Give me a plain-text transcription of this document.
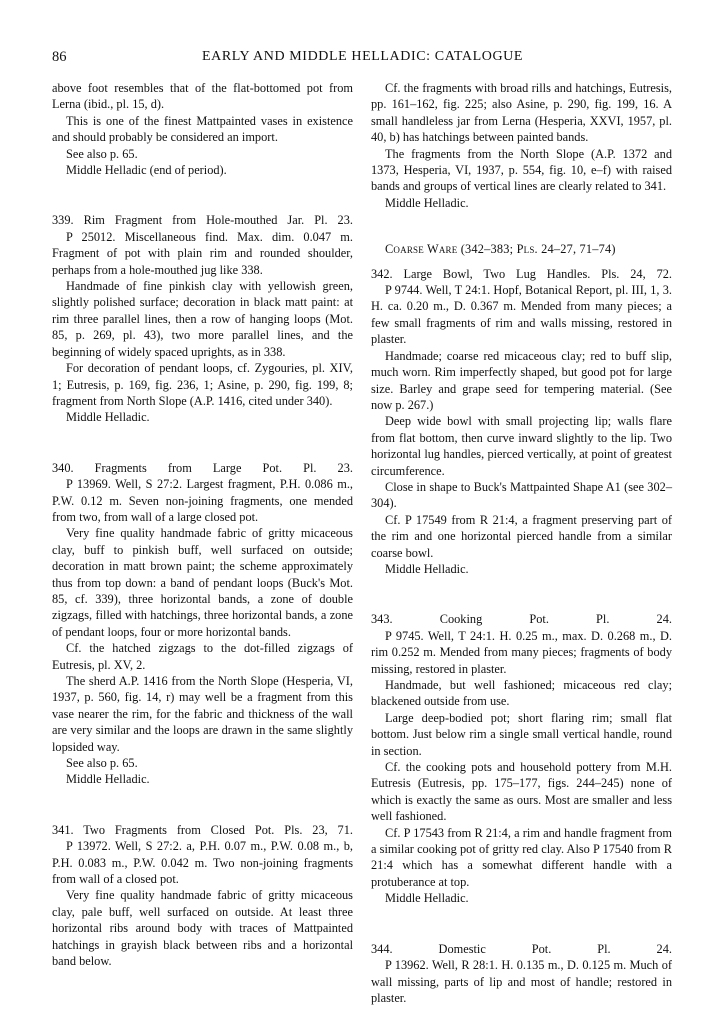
86	EARLY AND MIDDLE HELLADIC: CATALOGUE

above foot resembles that of the flat-bottomed pot from Lerna (ibid., pl. 15, d).

This is one of the finest Mattpainted vases in existence and should probably be considered an import.

See also p. 65.

Middle Helladic (end of period).

339. Rim Fragment from Hole-mouthed Jar. Pl. 23.

P 25012. Miscellaneous find. Max. dim. 0.047 m. Fragment of pot with plain rim and rounded shoulder, perhaps from a hole-mouthed jug like 338.

Handmade of fine pinkish clay with yellowish green, slightly polished surface; decoration in black matt paint: at rim three parallel lines, then a row of hanging loops (Mot. 85, p. 269, pl. 43), two more parallel lines, and the beginning of widely spaced uprights, as in 338.

For decoration of pendant loops, cf. Zygouries, pl. XIV, 1; Eutresis, p. 169, fig. 236, 1; Asine, p. 290, fig. 199, 8; fragment from North Slope (A.P. 1416, cited under 340).

Middle Helladic.

340. Fragments from Large Pot. Pl. 23.

P 13969. Well, S 27:2. Largest fragment, P.H. 0.086 m., P.W. 0.12 m. Seven non-joining fragments, one mended from two, from wall of a large closed pot.

Very fine quality handmade fabric of gritty micaceous clay, buff to pinkish buff, well surfaced on outside; decoration in matt brown paint; the scheme approximately thus from top down: a band of pendant loops (Buck's Mot. 85, cf. 339), three horizontal bands, a zone of double zigzags, filled with hatchings, three horizontal bands, a zone of pendant loops, four or more horizontal bands.

Cf. the hatched zigzags to the dot-filled zigzags of Eutresis, pl. XV, 2.

The sherd A.P. 1416 from the North Slope (Hesperia, VI, 1937, p. 560, fig. 14, r) may well be a fragment from this vase nearer the rim, for the fabric and thickness of the wall are very similar and the loops are drawn in the same slightly lopsided way.

See also p. 65.

Middle Helladic.

341. Two Fragments from Closed Pot. Pls. 23, 71.

P 13972. Well, S 27:2. a, P.H. 0.07 m., P.W. 0.08 m., b, P.H. 0.083 m., P.W. 0.042 m. Two non-joining fragments from wall of a closed pot.

Very fine quality handmade fabric of gritty micaceous clay, pale buff, well surfaced on outside. At least three horizontal ribs around body with traces of Mattpainted hatchings in grayish black between ribs and a horizontal band below.

Cf. the fragments with broad rills and hatchings, Eutresis, pp. 161–162, fig. 225; also Asine, p. 290, fig. 199, 16. A small handleless jar from Lerna (Hesperia, XXVI, 1957, pl. 40, b) has hatchings between painted bands.

The fragments from the North Slope (A.P. 1372 and 1373, Hesperia, VI, 1937, p. 554, fig. 10, e–f) with raised bands and groups of vertical lines are clearly related to 341.

Middle Helladic.

Coarse Ware (342–383; Pls. 24–27, 71–74)

342. Large Bowl, Two Lug Handles. Pls. 24, 72.

P 9744. Well, T 24:1. Hopf, Botanical Report, pl. III, 1, 3. H. ca. 0.20 m., D. 0.367 m. Mended from many pieces; a few small fragments of rim and walls missing, restored in plaster.

Handmade; coarse red micaceous clay; red to buff slip, much worn. Rim imperfectly shaped, but good pot for large size. Barley and grape seed for tempering material. (See now p. 267.)

Deep wide bowl with small projecting lip; walls flare from flat bottom, then curve inward slightly to the lip. Two horizontal lug handles, pierced vertically, at point of greatest circumference.

Close in shape to Buck's Mattpainted Shape A1 (see 302–304).

Cf. P 17549 from R 21:4, a fragment preserving part of the rim and one horizontal pierced handle from a similar coarse bowl.

Middle Helladic.

343. Cooking Pot. Pl. 24.

P 9745. Well, T 24:1. H. 0.25 m., max. D. 0.268 m., D. rim 0.252 m. Mended from many pieces; fragments of body missing, restored in plaster.

Handmade, but well fashioned; micaceous red clay; blackened outside from use.

Large deep-bodied pot; short flaring rim; small flat bottom. Just below rim a single small vertical handle, round in section.

Cf. the cooking pots and household pottery from M.H. Eutresis (Eutresis, pp. 175–177, figs. 244–245) none of which is exactly the same as ours. Most are smaller and less well fashioned.

Cf. P 17543 from R 21:4, a rim and handle fragment from a similar cooking pot of gritty red clay. Also P 17540 from R 21:4 which has a somewhat different handle with a protuberance at top.

Middle Helladic.

344. Domestic Pot. Pl. 24.

P 13962. Well, R 28:1. H. 0.135 m., D. 0.125 m. Much of wall missing, parts of lip and most of handle; restored in plaster.
